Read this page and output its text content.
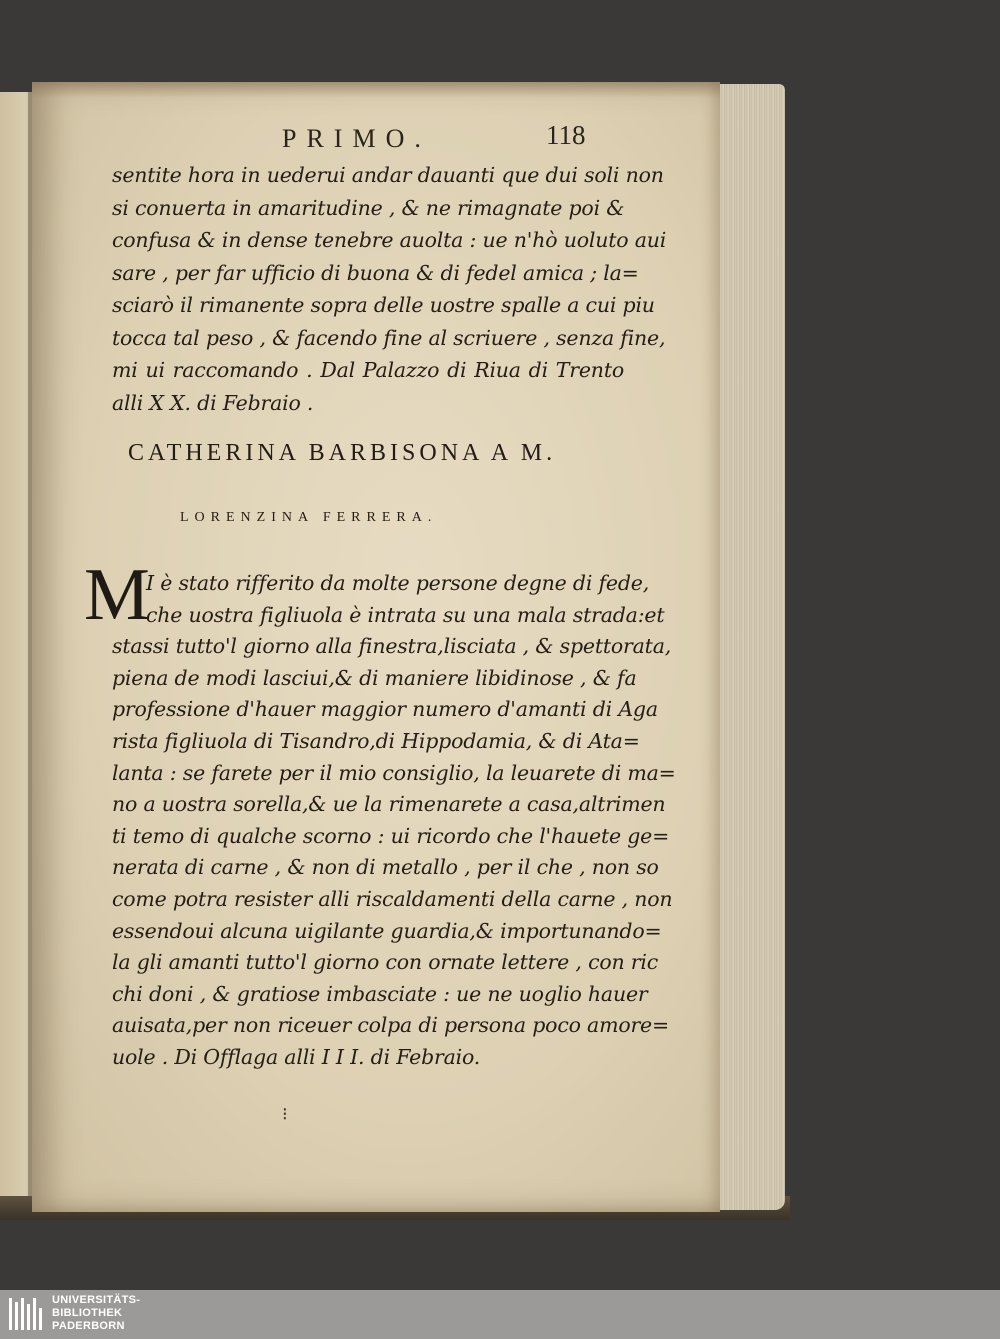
PRIMO.	118
sentite hora in uederui andar dauanti que dui soli non
si conuerta in amaritudine , & ne rimagnate poi &
confusa & in dense tenebre auolta : ue n'hò uoluto aui
sare , per far ufficio di buona & di fedel amica ; la=
sciarò il rimanente sopra delle uostre spalle a cui piu
tocca tal peso , & facendo fine al scriuere , senza fine,
mi ui raccomando . Dal Palazzo di Riua di Trento
alli X X. di Febraio .
CATHERINA BARBISONA A M.
LORENZINA FERRERA.
M
I è stato rifferito da molte persone degne di fede,
che uostra figliuola è intrata su una mala strada:et
stassi tutto'l giorno alla finestra,lisciata , & spettorata,
piena de modi lasciui,& di maniere libidinose , & fa
professione d'hauer maggior numero d'amanti di Aga
rista figliuola di Tisandro,di Hippodamia, & di Ata=
lanta : se farete per il mio consiglio, la leuarete di ma=
no a uostra sorella,& ue la rimenarete a casa,altrimen
ti temo di qualche scorno : ui ricordo che l'hauete ge=
nerata di carne , & non di metallo , per il che , non so
come potra resister alli riscaldamenti della carne , non
essendoui alcuna uigilante guardia,& importunando=
la gli amanti tutto'l giorno con ornate lettere , con ric
chi doni , & gratiose imbasciate : ue ne uoglio hauer
auisata,per non riceuer colpa di persona poco amore=
uole . Di Offlaga alli I I I. di Febraio.
⁝
UNIVERSITÄTS-
BIBLIOTHEK
PADERBORN
